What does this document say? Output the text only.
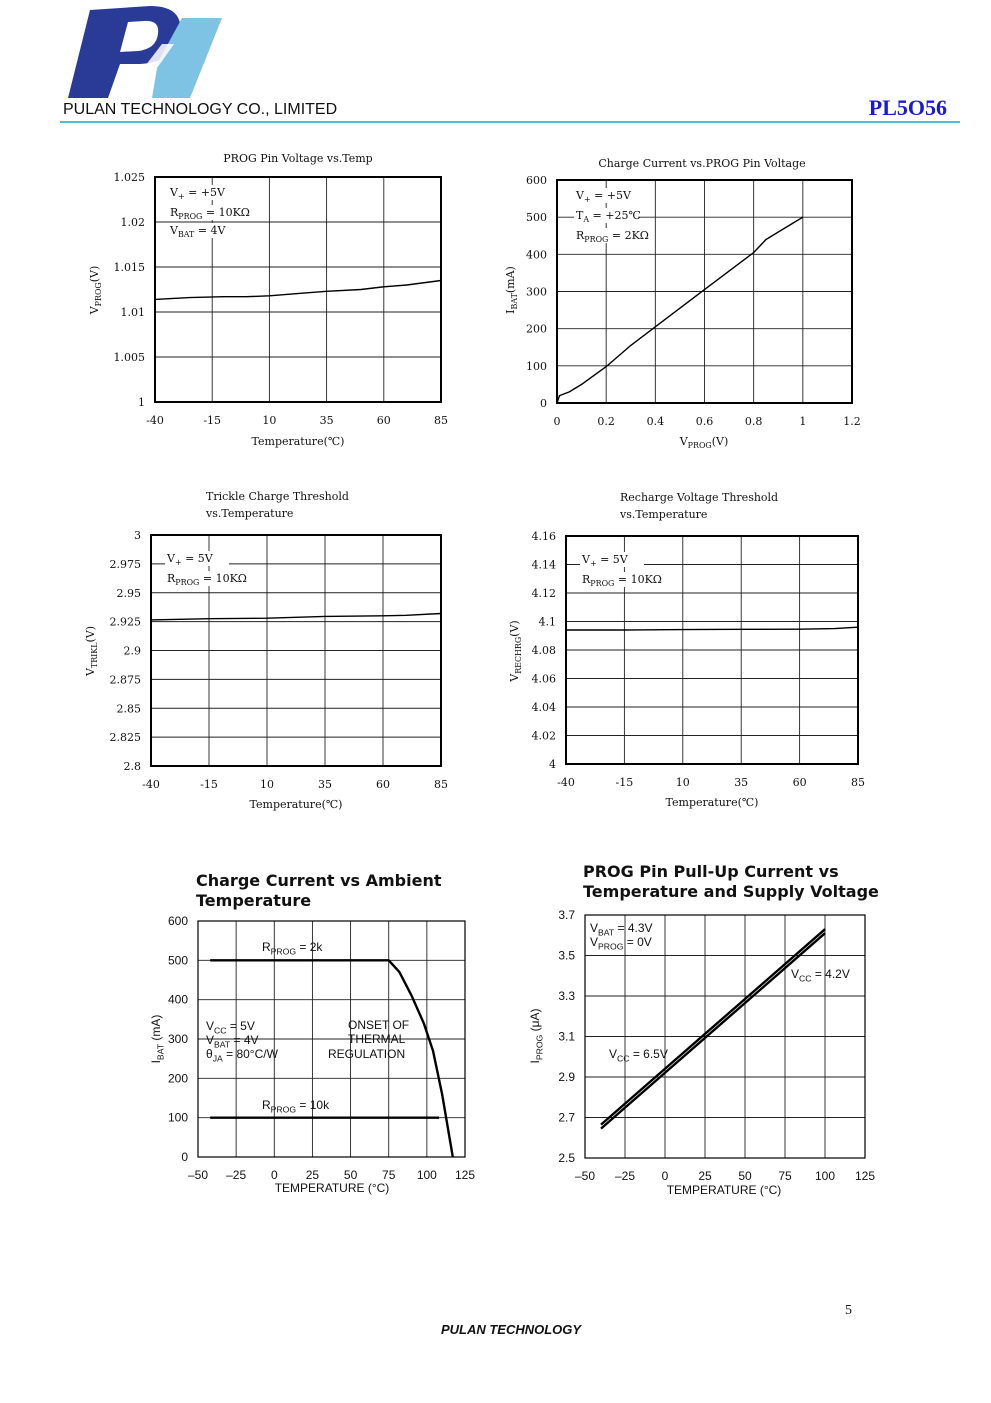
PULAN TECHNOLOGY CO., LIMITED	PL5O56
-40	-15	10	35	60	85
1
1.005
1.01
1.015
1.02
1.025
PROG Pin Voltage vs.Temp
Temperature(℃)
$V_{PROG}(V)$
$V_+ = +5V$
$R_{PROG} = 10K\Omega$
$V_{BAT} = 4V$
0	0.2	0.4	0.6	0.8	1	1.2
0
100
200
300
400
500
600
Charge Current vs.PROG Pin Voltage
$V_{PROG}(V)$
$I_{BAT}(mA)$
$V_+ = +5V$
$T_A$ = +25℃
$R_{PROG} = 2K\Omega$
-40	-15	10	35	60	85
2.8
2.825
2.85
2.875
2.9
2.925
2.95
2.975
3
Trickle Charge Threshold
vs.Temperature
Temperature(℃)
$V_{TRIKL}(V)$
$V_+ = 5V$
$R_{PROG} = 10K\Omega$
-40	-15	10	35	60	85
4
4.02
4.04
4.06
4.08
4.1
4.12
4.14
4.16
Recharge Voltage Threshold
vs.Temperature
Temperature(℃)
$V_{RECHRG}(V)$
$V_+ = 5V$
$R_{PROG} = 10K\Omega$
–50 –25 0 25 50 75 100 125
0
100
200
300
400
500
600
Charge Current vs Ambient
Temperature
TEMPERATURE (°C)
$I_{BAT}$ (mA)
$R_{PROG} = 2k$
$V_{CC} = 5V$
$V_{BAT} = 4V$
$\theta_{JA} = 80^\circ C/W$
ONSET OF
THERMAL
REGULATION
$R_{PROG} = 10k$
–50 –25 0 25 50 75 100 125
2.5
2.7
2.9
3.1
3.3
3.5
3.7
PROG Pin Pull-Up Current vs
Temperature and Supply Voltage
TEMPERATURE (°C)
$I_{PROG}$ (μA)
$V_{BAT} = 4.3V$
$V_{PROG} = 0V$
$V_{CC} = 4.2V$
$V_{CC} = 6.5V$
5
PULAN TECHNOLOGY
